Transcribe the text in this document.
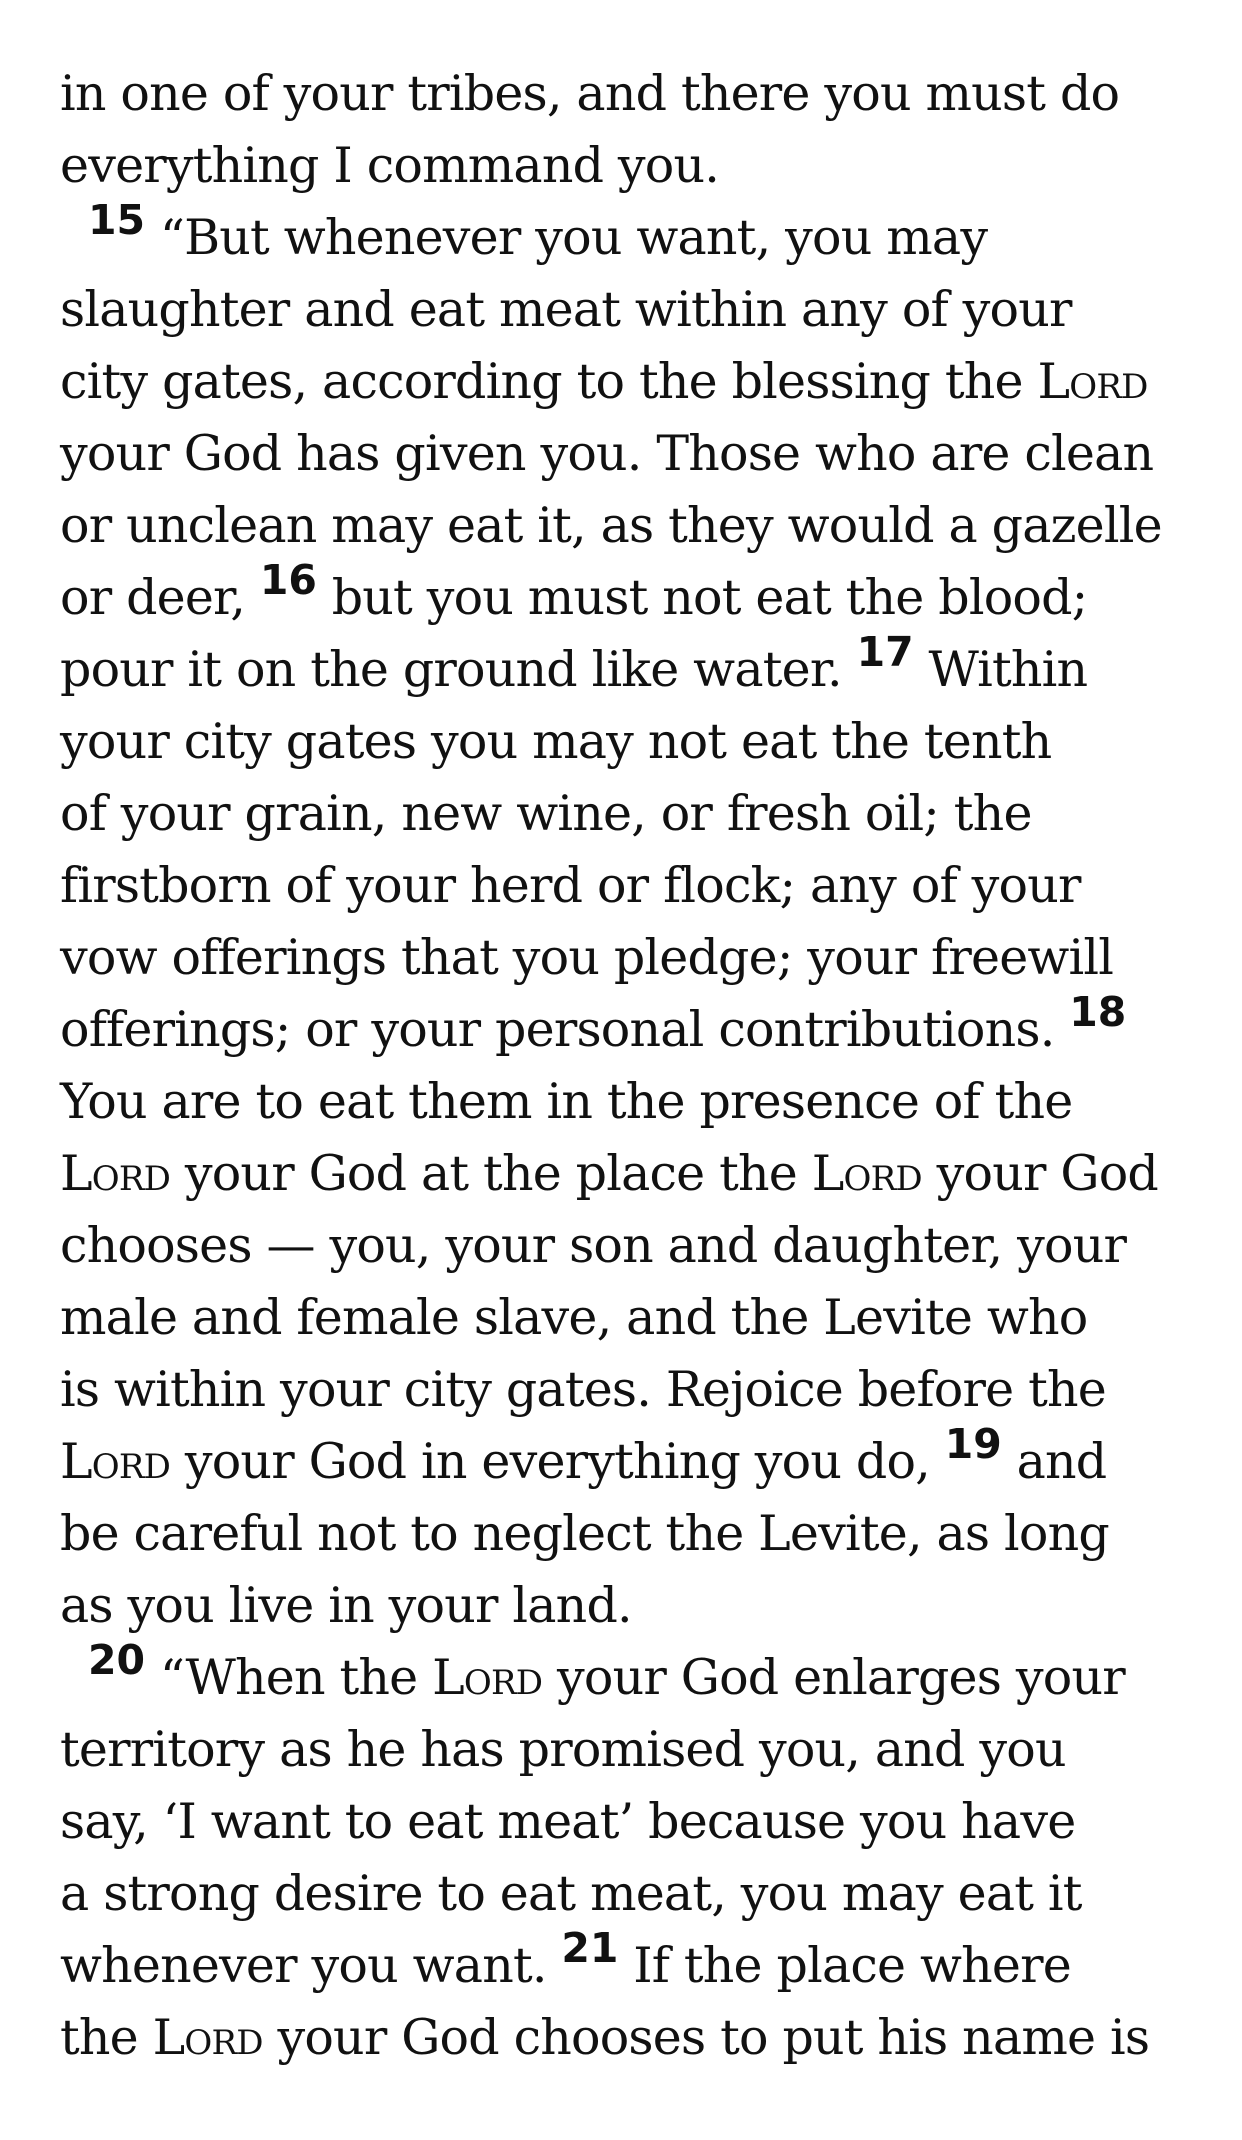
in one of your tribes, and there you must do
everything I command you.
$^{15}$ “But whenever you want, you may
slaughter and eat meat within any of your
city gates, according to the blessing the Lord
your God has given you. Those who are clean
or unclean may eat it, as they would a gazelle
or deer, $^{16}$ but you must not eat the blood;
pour it on the ground like water. $^{17}$ Within
your city gates you may not eat the tenth
of your grain, new wine, or fresh oil; the
firstborn of your herd or flock; any of your
vow offerings that you pledge; your freewill
offerings; or your personal contributions. $^{18}$
You are to eat them in the presence of the
Lord your God at the place the Lord your God
chooses — you, your son and daughter, your
male and female slave, and the Levite who
is within your city gates. Rejoice before the
Lord your God in everything you do, $^{19}$ and
be careful not to neglect the Levite, as long
as you live in your land.
$^{20}$ “When the Lord your God enlarges your
territory as he has promised you, and you
say, ‘I want to eat meat’ because you have
a strong desire to eat meat, you may eat it
whenever you want. $^{21}$ If the place where
the Lord your God chooses to put his name is
